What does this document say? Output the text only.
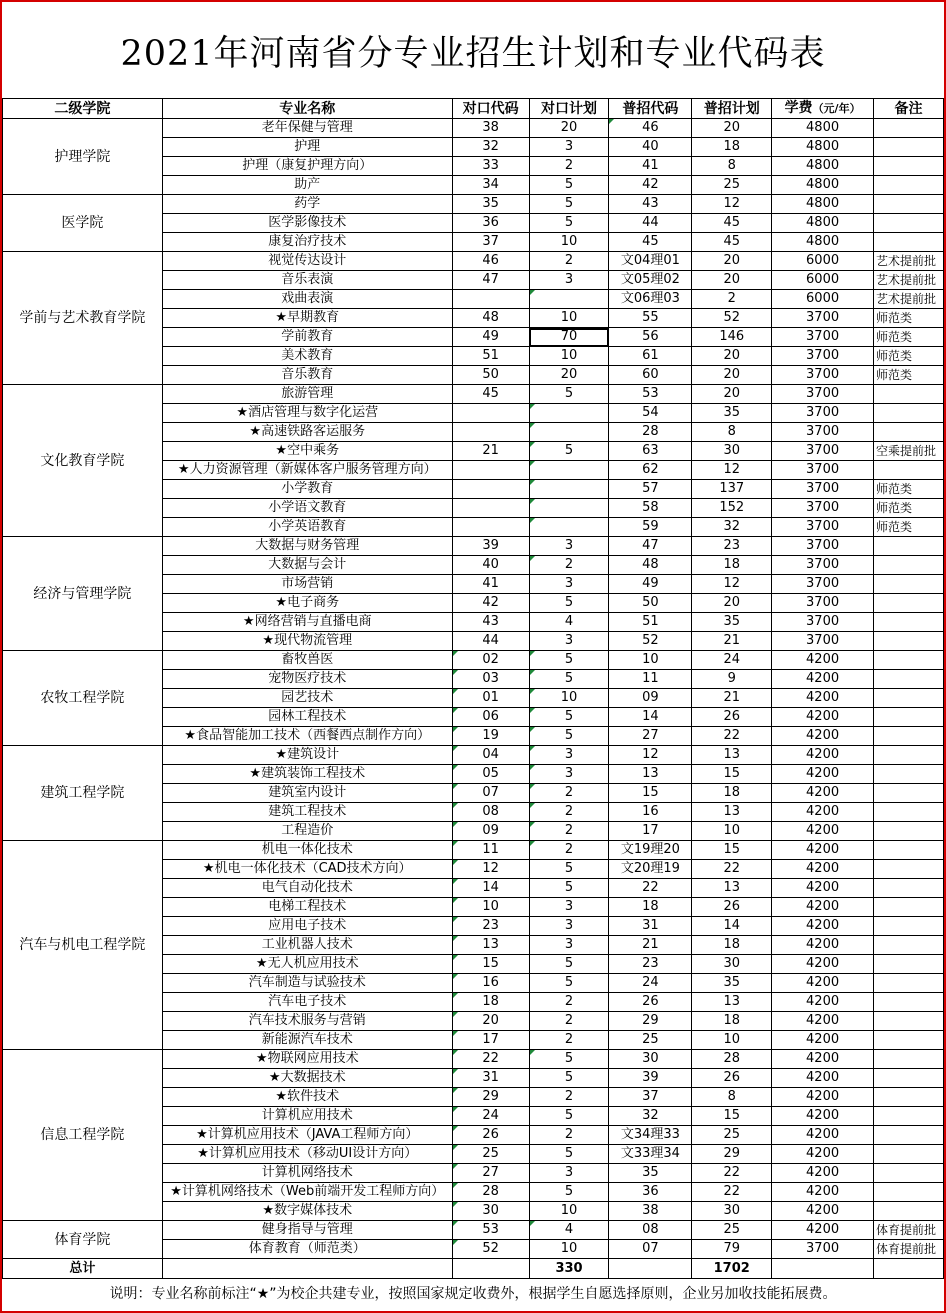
2021年河南省分专业招生计划和专业代码表
二级学院	专业名称	对口代码	对口计划	普招代码	普招计划	学费（元/年）	备注
护理学院	老年保健与管理	38	20	46	20	4800	
	护理	32	3	40	18	4800	
	护理（康复护理方向）	33	2	41	8	4800	
	助产	34	5	42	25	4800	
医学院	药学	35	5	43	12	4800	
	医学影像技术	36	5	44	45	4800	
	康复治疗技术	37	10	45	45	4800	
学前与艺术教育学院	视觉传达设计	46	2	文04理01	20	6000	艺术提前批
	音乐表演	47	3	文05理02	20	6000	艺术提前批
	戏曲表演			文06理03	2	6000	艺术提前批
	★早期教育	48	10	55	52	3700	师范类
	学前教育	49	70	56	146	3700	师范类
	美术教育	51	10	61	20	3700	师范类
	音乐教育	50	20	60	20	3700	师范类
文化教育学院	旅游管理	45	5	53	20	3700	
	★酒店管理与数字化运营			54	35	3700	
	★高速铁路客运服务			28	8	3700	
	★空中乘务	21	5	63	30	3700	空乘提前批
	★人力资源管理（新媒体客户服务管理方向）			62	12	3700	
	小学教育			57	137	3700	师范类
	小学语文教育			58	152	3700	师范类
	小学英语教育			59	32	3700	师范类
经济与管理学院	大数据与财务管理	39	3	47	23	3700	
	大数据与会计	40	2	48	18	3700	
	市场营销	41	3	49	12	3700	
	★电子商务	42	5	50	20	3700	
	★网络营销与直播电商	43	4	51	35	3700	
	★现代物流管理	44	3	52	21	3700	
农牧工程学院	畜牧兽医	02	5	10	24	4200	
	宠物医疗技术	03	5	11	9	4200	
	园艺技术	01	10	09	21	4200	
	园林工程技术	06	5	14	26	4200	
	★食品智能加工技术（西餐西点制作方向）	19	5	27	22	4200	
建筑工程学院	★建筑设计	04	3	12	13	4200	
	★建筑装饰工程技术	05	3	13	15	4200	
	建筑室内设计	07	2	15	18	4200	
	建筑工程技术	08	2	16	13	4200	
	工程造价	09	2	17	10	4200	
汽车与机电工程学院	机电一体化技术	11	2	文19理20	15	4200	
	★机电一体化技术（CAD技术方向）	12	5	文20理19	22	4200	
	电气自动化技术	14	5	22	13	4200	
	电梯工程技术	10	3	18	26	4200	
	应用电子技术	23	3	31	14	4200	
	工业机器人技术	13	3	21	18	4200	
	★无人机应用技术	15	5	23	30	4200	
	汽车制造与试验技术	16	5	24	35	4200	
	汽车电子技术	18	2	26	13	4200	
	汽车技术服务与营销	20	2	29	18	4200	
	新能源汽车技术	17	2	25	10	4200	
信息工程学院	★物联网应用技术	22	5	30	28	4200	
	★大数据技术	31	5	39	26	4200	
	★软件技术	29	2	37	8	4200	
	计算机应用技术	24	5	32	15	4200	
	★计算机应用技术（JAVA工程师方向）	26	2	文34理33	25	4200	
	★计算机应用技术（移动UI设计方向）	25	5	文33理34	29	4200	
	计算机网络技术	27	3	35	22	4200	
	★计算机网络技术（Web前端开发工程师方向）	28	5	36	22	4200	
	★数字媒体技术	30	10	38	30	4200	
体育学院	健身指导与管理	53	4	08	25	4200	体育提前批
	体育教育（师范类）	52	10	07	79	3700	体育提前批
总计			330		1702		
说明：专业名称前标注“★”为校企共建专业，按照国家规定收费外，根据学生自愿选择原则，企业另加收技能拓展费。
